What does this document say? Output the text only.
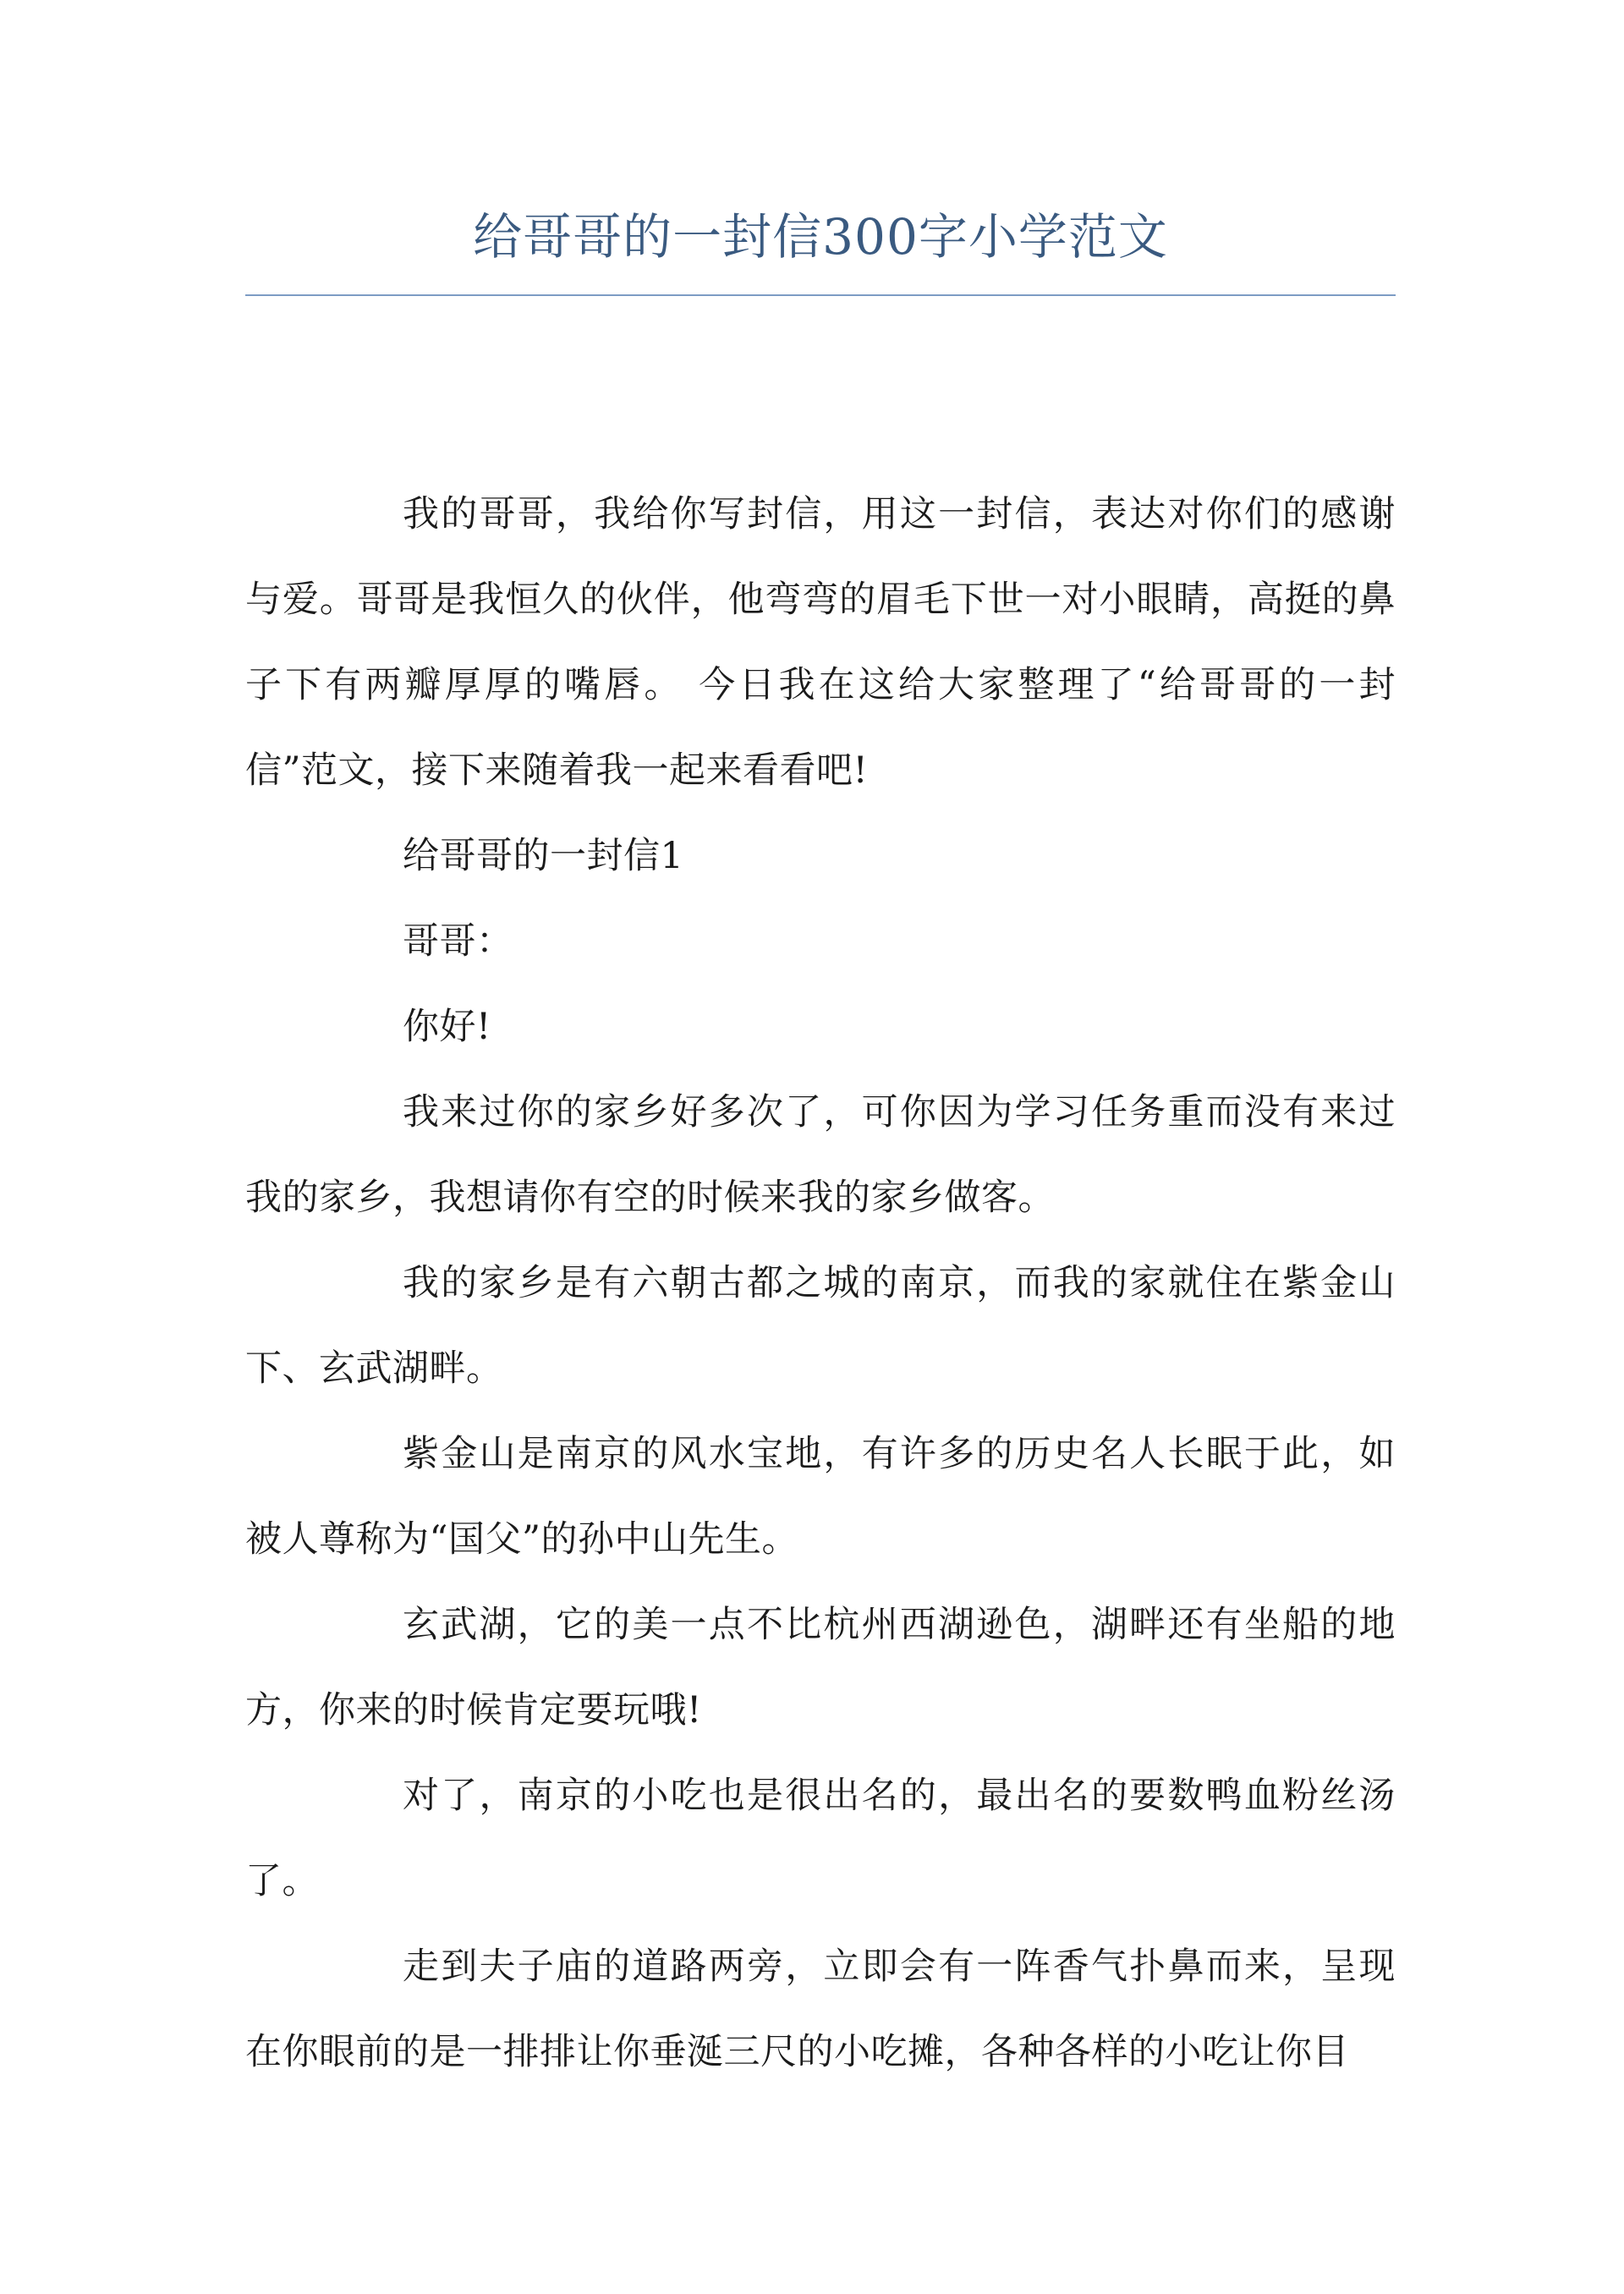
给哥哥的一封信300字小学范文

我的哥哥，我给你写封信，用这一封信，表达对你们的感谢与爱。哥哥是我恒久的伙伴，他弯弯的眉毛下世一对小眼睛，高挺的鼻子下有两瓣厚厚的嘴唇。 今日我在这给大家整理了“给哥哥的一封信”范文，接下来随着我一起来看看吧!

给哥哥的一封信1

哥哥：

你好!

我来过你的家乡好多次了，可你因为学习任务重而没有来过我的家乡，我想请你有空的时候来我的家乡做客。

我的家乡是有六朝古都之城的南京，而我的家就住在紫金山下、玄武湖畔。

紫金山是南京的风水宝地，有许多的历史名人长眠于此，如被人尊称为“国父”的孙中山先生。

玄武湖，它的美一点不比杭州西湖逊色，湖畔还有坐船的地方，你来的时候肯定要玩哦!

对了，南京的小吃也是很出名的，最出名的要数鸭血粉丝汤了。

走到夫子庙的道路两旁，立即会有一阵香气扑鼻而来，呈现在你眼前的是一排排让你垂涎三尺的小吃摊，各种各样的小吃让你目
